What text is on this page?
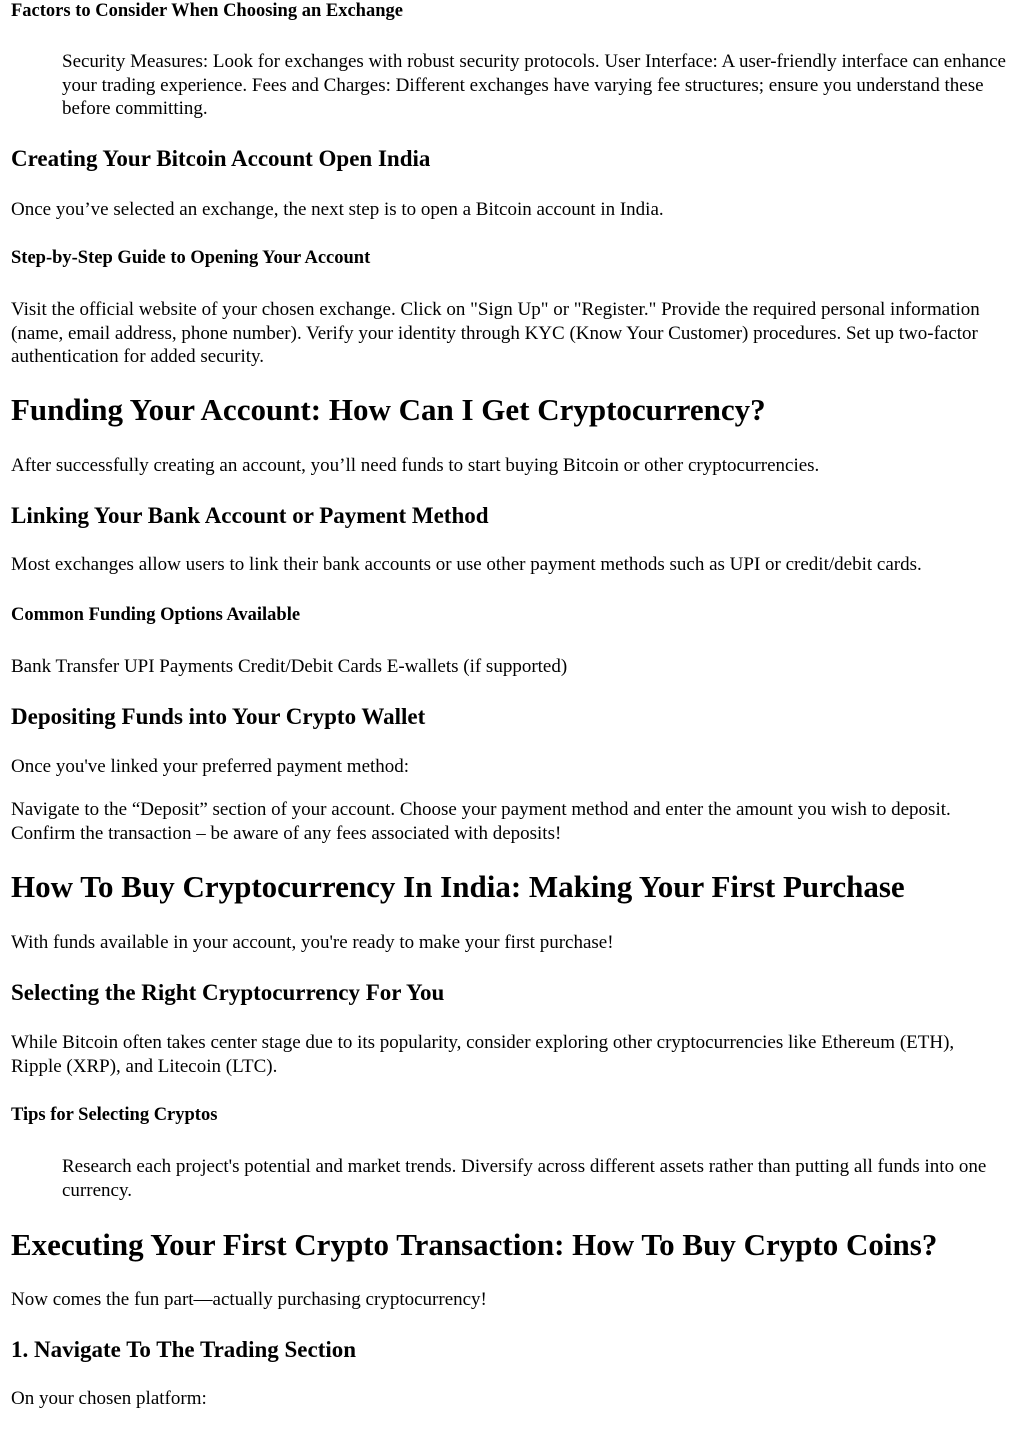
Factors to Consider When Choosing an Exchange

Security Measures: Look for exchanges with robust security protocols. User Interface: A user-friendly interface can enhance your trading experience. Fees and Charges: Different exchanges have varying fee structures; ensure you understand these before committing.

Creating Your Bitcoin Account Open India

Once you’ve selected an exchange, the next step is to open a Bitcoin account in India.

Step-by-Step Guide to Opening Your Account

Visit the official website of your chosen exchange. Click on "Sign Up" or "Register." Provide the required personal information (name, email address, phone number). Verify your identity through KYC (Know Your Customer) procedures. Set up two-factor authentication for added security.

Funding Your Account: How Can I Get Cryptocurrency?

After successfully creating an account, you’ll need funds to start buying Bitcoin or other cryptocurrencies.

Linking Your Bank Account or Payment Method

Most exchanges allow users to link their bank accounts or use other payment methods such as UPI or credit/debit cards.

Common Funding Options Available

Bank Transfer UPI Payments Credit/Debit Cards E-wallets (if supported)

Depositing Funds into Your Crypto Wallet

Once you've linked your preferred payment method:

Navigate to the “Deposit” section of your account. Choose your payment method and enter the amount you wish to deposit. Confirm the transaction – be aware of any fees associated with deposits!

How To Buy Cryptocurrency In India: Making Your First Purchase

With funds available in your account, you're ready to make your first purchase!

Selecting the Right Cryptocurrency For You

While Bitcoin often takes center stage due to its popularity, consider exploring other cryptocurrencies like Ethereum (ETH), Ripple (XRP), and Litecoin (LTC).

Tips for Selecting Cryptos

Research each project's potential and market trends. Diversify across different assets rather than putting all funds into one currency.

Executing Your First Crypto Transaction: How To Buy Crypto Coins?

Now comes the fun part—actually purchasing cryptocurrency!

1. Navigate To The Trading Section

On your chosen platform:
